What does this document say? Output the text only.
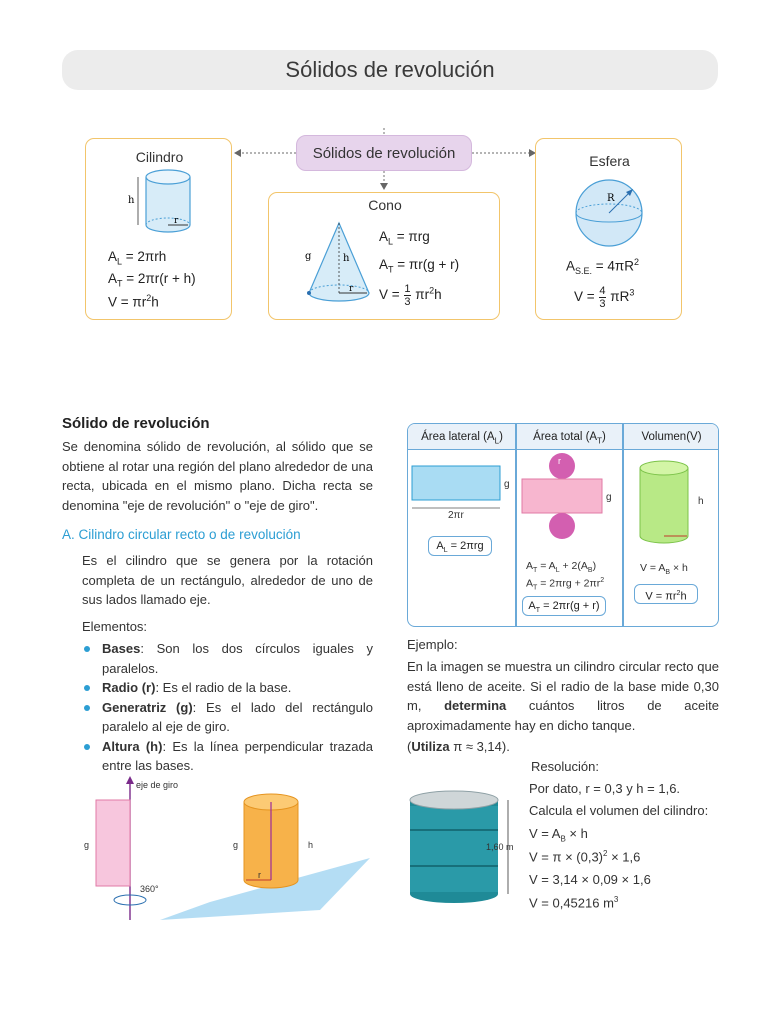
Sólidos de revolución
Sólidos de revolución
Cilindro
h
r
$A_L = 2\pi rh$
$A_T = 2\pi r(r + h)$
$V = \pi r^2h$
Cono
g	h
r
$A_L = \pi rg$
$A_T = \pi r(g + r)$
$V = \frac{1}{3} \pi r^2h$
Esfera
R
$A_{S.E.} = 4\pi R^2$
$V = \frac{4}{3} \pi R^3$
Sólido de revolución
Se denomina sólido de revolución, al sólido que se obtiene al rotar una región del plano alrededor de una recta, ubicada en el mismo plano. Dicha recta se denomina "eje de revolución" o "eje de giro".
A. Cilindro circular recto o de revolución
Es el cilindro que se genera por la rotación completa de un rectángulo, alrededor de uno de sus lados llamado eje.
Elementos:
Bases: Son los dos círculos iguales y paralelos.
Radio (r): Es el radio de la base.
Generatriz (g): Es el lado del rectángulo paralelo al eje de giro.
Altura (h): Es la línea perpendicular trazada entre las bases.
eje de giro
g
360°
g	h
r
Área lateral $(A_L)$	Área total $(A_T)$	Volumen(V)
2πr
g
r
g	h
$A_L = 2\pi rg$
$A_T = A_L + 2(A_B)$
$A_T = 2\pi rg + 2\pi r^2$
$A_T = 2\pi r(g + r)$
$V = A_B \times h$
$V = \pi r^2h$
Ejemplo:
En la imagen se muestra un cilindro circular recto que está lleno de aceite. Si el radio de la base mide 0,30 m, determina cuántos litros de aceite aproximadamente hay en dicho tanque.
(Utiliza π ≈ 3,14).
1,60 m
Resolución:
Por dato, r = 0,3 y h = 1,6.
Calcula el volumen del cilindro:
$V = A_B \times h$
$V = \pi \times (0,3)^2 \times 1,6$
V = 3,14 × 0,09 × 1,6
V = 0,45216 $m^3$
